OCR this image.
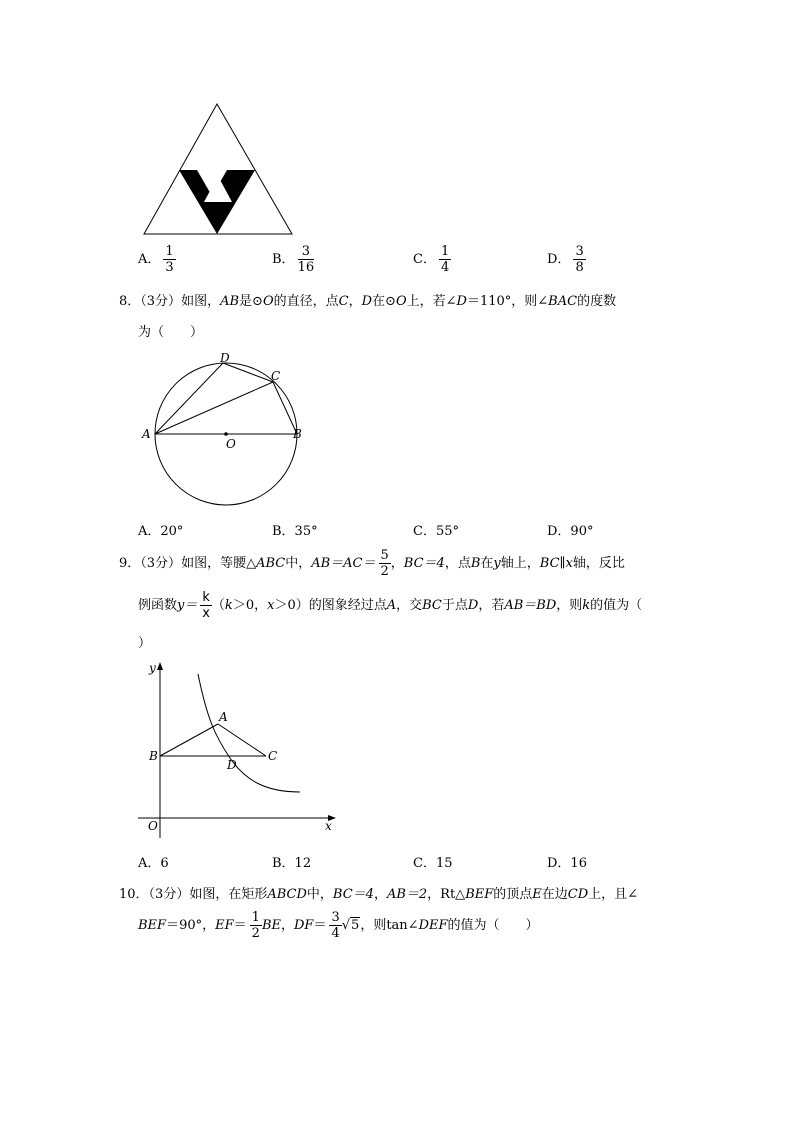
A． $\frac{1}{3}$	B． $\frac{3}{16}$	C． $\frac{1}{4}$	D． $\frac{3}{8}$
8．（3分）如图，AB是⊙O的直径，点C，D在⊙O上，若∠D＝110°，则∠BAC的度数
为（　　）
D
C
A
O
B
A．20°	B．35°	C．55°	D．90°
9．（3分）如图，等腰△ABC中，$AB=AC= \frac{5}{2}$ ，BC＝4，点B在y轴上，BC∥x轴，反比
例函数$y= \frac{k}{x} (k>0$，x＞0）的图象经过点A，交BC于点D，若AB＝BD，则k的值为（
）
y
A
B	C
D
O	x
A．6	B．12	C．15	D．16
10．（3分）如图，在矩形ABCD中，BC＝4，AB＝2，Rt△BEF的顶点E在边CD上，且∠
BEF＝90°，$EF= \frac{1}{2}$ BE，$DF= \frac{3}{4} √5$，则tan∠DEF的值为（　　）
